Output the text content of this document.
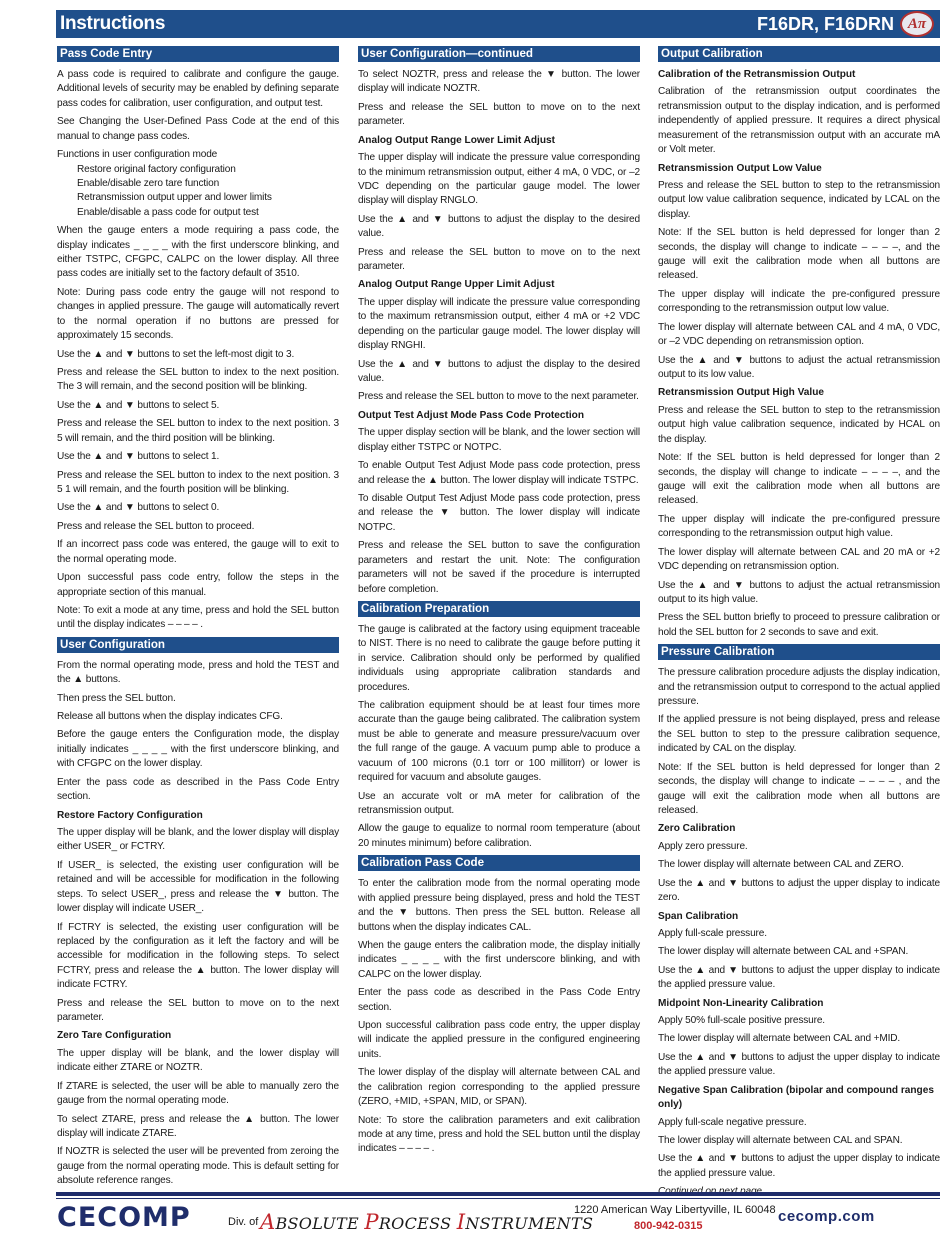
Instructions	F16DR, F16DRN Aπ
Pass Code Entry

A pass code is required to calibrate and configure the gauge. Additional levels of security may be enabled by defining separate pass codes for calibration, user configuration, and output test.

See Changing the User-Defined Pass Code at the end of this manual to change pass codes.

Functions in user configuration mode

Restore original factory configuration

Enable/disable zero tare function

Retransmission output upper and lower limits

Enable/disable a pass code for output test

When the gauge enters a mode requiring a pass code, the display indicates _ _ _ _ with the first underscore blinking, and either TSTPC, CFGPC, CALPC on the lower display. All three pass codes are initially set to the factory default of 3510.

Note: During pass code entry the gauge will not respond to changes in applied pressure. The gauge will automatically revert to the normal operation if no buttons are pressed for approximately 15 seconds.

Use the ▲ and ▼ buttons to set the left-most digit to 3.

Press and release the SEL button to index to the next position. The 3 will remain, and the second position will be blinking.

Use the ▲ and ▼ buttons to select 5.

Press and release the SEL button to index to the next position. 3 5 will remain, and the third position will be blinking.

Use the ▲ and ▼ buttons to select 1.

Press and release the SEL button to index to the next position. 3 5 1 will remain, and the fourth position will be blinking.

Use the ▲ and ▼ buttons to select 0.

Press and release the SEL button to proceed.

If an incorrect pass code was entered, the gauge will to exit to the normal operating mode.

Upon successful pass code entry, follow the steps in the appropriate section of this manual.

Note: To exit a mode at any time, press and hold the SEL button until the display indicates – – – – .

User Configuration

From the normal operating mode, press and hold the TEST and the ▲ buttons.

Then press the SEL button.

Release all buttons when the display indicates CFG.

Before the gauge enters the Configuration mode, the display initially indicates _ _ _ _ with the first underscore blinking, and with CFGPC on the lower display.

Enter the pass code as described in the Pass Code Entry section.

Restore Factory Configuration

The upper display will be blank, and the lower display will display either USER_ or FCTRY.

If USER_ is selected, the existing user configuration will be retained and will be accessible for modification in the following steps. To select USER_, press and release the ▼ button. The lower display will indicate USER_.

If FCTRY is selected, the existing user configuration will be replaced by the configuration as it left the factory and will be accessible for modification in the following steps. To select FCTRY, press and release the ▲ button. The lower display will indicate FCTRY.

Press and release the SEL button to move on to the next parameter.

Zero Tare Configuration

The upper display will be blank, and the lower display will indicate either ZTARE or NOZTR.

If ZTARE is selected, the user will be able to manually zero the gauge from the normal operating mode.

To select ZTARE, press and release the ▲ button. The lower display will indicate ZTARE.

If NOZTR is selected the user will be prevented from zeroing the gauge from the normal operating mode. This is default setting for absolute reference ranges.

User Configuration—continued

To select NOZTR, press and release the ▼ button. The lower display will indicate NOZTR.

Press and release the SEL button to move on to the next parameter.

Analog Output Range Lower Limit Adjust

The upper display will indicate the pressure value corresponding to the minimum retransmission output, either 4 mA, 0 VDC, or –2 VDC depending on the particular gauge model. The lower display will display RNGLO.

Use the ▲ and ▼ buttons to adjust the display to the desired value.

Press and release the SEL button to move on to the next parameter.

Analog Output Range Upper Limit Adjust

The upper display will indicate the pressure value corresponding to the maximum retransmission output, either 4 mA or +2 VDC depending on the particular gauge model. The lower display will display RNGHI.

Use the ▲ and ▼ buttons to adjust the display to the desired value.

Press and release the SEL button to move to the next parameter.

Output Test Adjust Mode Pass Code Protection

The upper display section will be blank, and the lower section will display either TSTPC or NOTPC.

To enable Output Test Adjust Mode pass code protection, press and release the ▲ button. The lower display will indicate TSTPC.

To disable Output Test Adjust Mode pass code protection, press and release the ▼ button. The lower display will indicate NOTPC.

Press and release the SEL button to save the configuration parameters and restart the unit. Note: The configuration parameters will not be saved if the procedure is interrupted before completion.

Calibration Preparation

The gauge is calibrated at the factory using equipment traceable to NIST. There is no need to calibrate the gauge before putting it in service. Calibration should only be performed by qualified individuals using appropriate calibration standards and procedures.

The calibration equipment should be at least four times more accurate than the gauge being calibrated. The calibration system must be able to generate and measure pressure/vacuum over the full range of the gauge. A vacuum pump able to produce a vacuum of 100 microns (0.1 torr or 100 millitorr) or lower is required for vacuum and absolute gauges.

Use an accurate volt or mA meter for calibration of the retransmission output.

Allow the gauge to equalize to normal room temperature (about 20 minutes minimum) before calibration.

Calibration Pass Code

To enter the calibration mode from the normal operating mode with applied pressure being displayed, press and hold the TEST and the ▼ buttons. Then press the SEL button. Release all buttons when the display indicates CAL.

When the gauge enters the calibration mode, the display initially indicates _ _ _ _ with the first underscore blinking, and with CALPC on the lower display.

Enter the pass code as described in the Pass Code Entry section.

Upon successful calibration pass code entry, the upper display will indicate the applied pressure in the configured engineering units.

The lower display of the display will alternate between CAL and the calibration region corresponding to the applied pressure (ZERO, +MID, +SPAN, MID, or SPAN).

Note: To store the calibration parameters and exit calibration mode at any time, press and hold the SEL button until the display indicates – – – – .

Output Calibration
Calibration of the Retransmission Output

Calibration of the retransmission output coordinates the retransmission output to the display indication, and is performed independently of applied pressure. It requires a direct physical measurement of the retransmission output with an accurate mA or Volt meter.

Retransmission Output Low Value

Press and release the SEL button to step to the retransmission output low value calibration sequence, indicated by LCAL on the display.

Note: If the SEL button is held depressed for longer than 2 seconds, the display will change to indicate – – – –, and the gauge will exit the calibration mode when all buttons are released.

The upper display will indicate the pre-configured pressure corresponding to the retransmission output low value.

The lower display will alternate between CAL and 4 mA, 0 VDC, or –2 VDC depending on retransmission option.

Use the ▲ and ▼ buttons to adjust the actual retransmission output to its low value.

Retransmission Output High Value

Press and release the SEL button to step to the retransmission output high value calibration sequence, indicated by HCAL on the display.

Note: If the SEL button is held depressed for longer than 2 seconds, the display will change to indicate – – – –, and the gauge will exit the calibration mode when all buttons are released.

The upper display will indicate the pre-configured pressure corresponding to the retransmission output high value.

The lower display will alternate between CAL and 20 mA or +2 VDC depending on retransmission option.

Use the ▲ and ▼ buttons to adjust the actual retransmission output to its high value.

Press the SEL button briefly to proceed to pressure calibration or hold the SEL button for 2 seconds to save and exit.

Pressure Calibration

The pressure calibration procedure adjusts the display indication, and the retransmission output to correspond to the actual applied pressure.

If the applied pressure is not being displayed, press and release the SEL button to step to the pressure calibration sequence, indicated by CAL on the display.

Note: If the SEL button is held depressed for longer than 2 seconds, the display will change to indicate – – – – , and the gauge will exit the calibration mode when all buttons are released.

Zero Calibration

Apply zero pressure.

The lower display will alternate between CAL and ZERO.

Use the ▲ and ▼ buttons to adjust the upper display to indicate zero.

Span Calibration

Apply full-scale pressure.

The lower display will alternate between CAL and +SPAN.

Use the ▲ and ▼ buttons to adjust the upper display to indicate the applied pressure value.

Midpoint Non-Linearity Calibration

Apply 50% full-scale positive pressure.

The lower display will alternate between CAL and +MID.

Use the ▲ and ▼ buttons to adjust the upper display to indicate the applied pressure value.

Negative Span Calibration (bipolar and compound ranges only)

Apply full-scale negative pressure.

The lower display will alternate between CAL and SPAN.

Use the ▲ and ▼ buttons to adjust the upper display to indicate the applied pressure value.

CECOMP	Div. of ABSOLUTE PROCESS INSTRUMENTS
1220 American Way Libertyville, IL 60048
800-942-0315
cecomp.com
